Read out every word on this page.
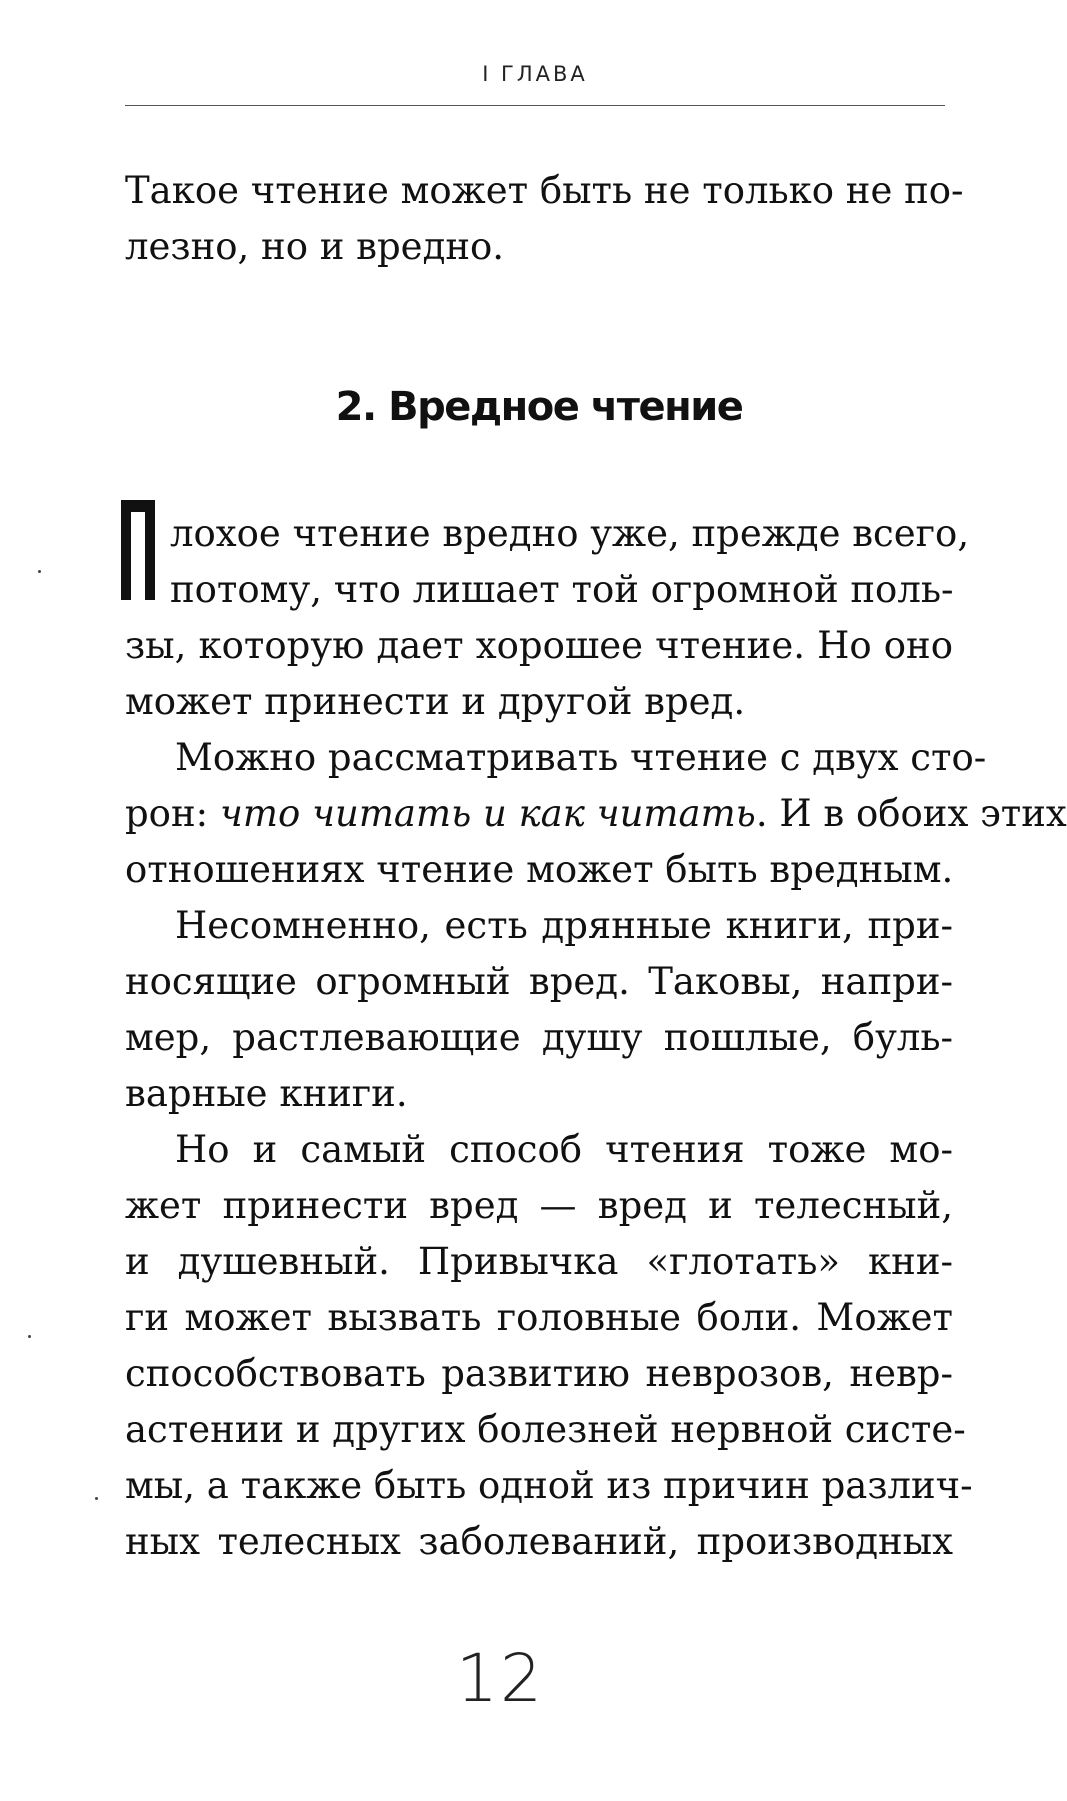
I ГЛАВА
Такое чтение может быть не только не по-
лезно, но и вредно.
2. Вредное чтение
лохое чтение вредно уже, прежде всего,
потому, что лишает той огромной поль-
зы, которую дает хорошее чтение. Но оно
может принести и другой вред.
Можно рассматривать чтение с двух сто-
рон: что читать и как читать. И в обоих этих
отношениях чтение может быть вредным.
Несомненно, есть дрянные книги, при-
носящие огромный вред. Таковы, напри-
мер, растлевающие душу пошлые, буль-
варные книги.
Но и самый способ чтения тоже мо-
жет принести вред — вред и телесный,
и душевный. Привычка «глотать» кни-
ги может вызвать головные боли. Может
способствовать развитию неврозов, невр-
астении и других болезней нервной систе-
мы, а также быть одной из причин различ-
ных телесных заболеваний, производных
12
